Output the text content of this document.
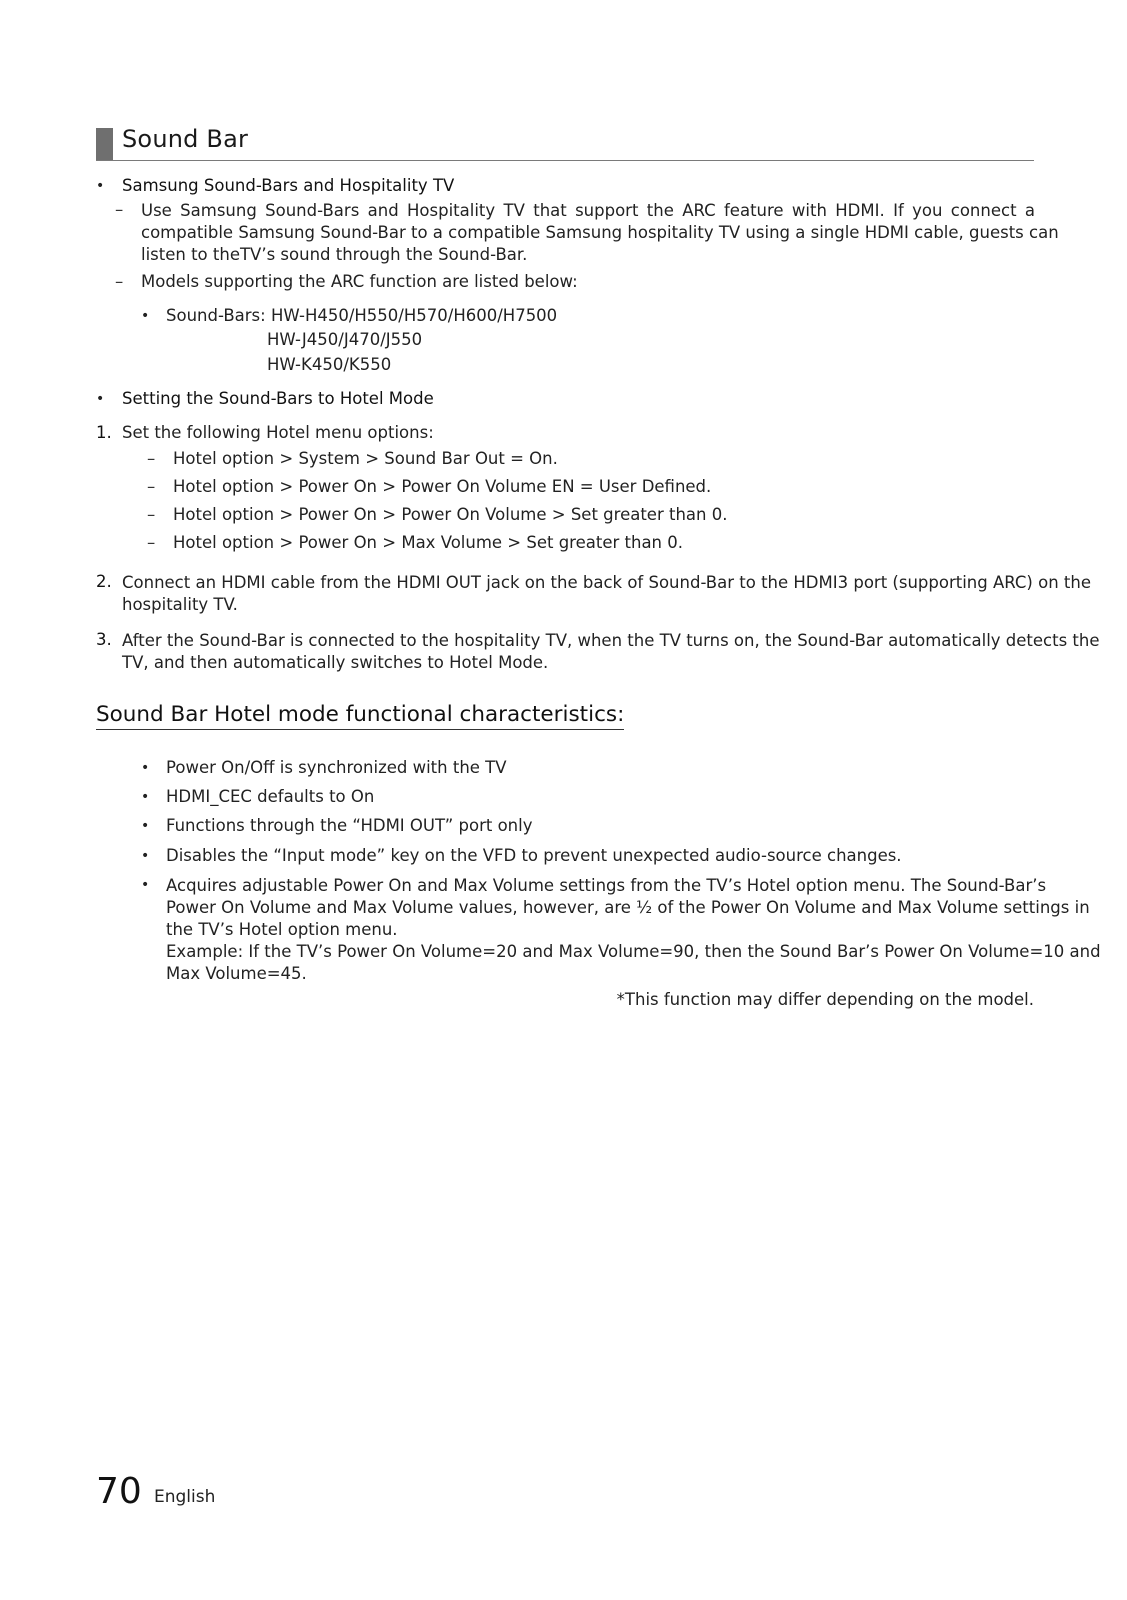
Sound Bar
• Samsung Sound-Bars and Hospitality TV
– Use Samsung Sound-Bars and Hospitality TV that support the ARC feature with HDMI. If you connect a
compatible Samsung Sound-Bar to a compatible Samsung hospitality TV using a single HDMI cable, guests can
listen to theTV’s sound through the Sound-Bar.
– Models supporting the ARC function are listed below:
• Sound-Bars: HW-H450/H550/H570/H600/H7500
HW-J450/J470/J550
HW-K450/K550
• Setting the Sound-Bars to Hotel Mode
1. Set the following Hotel menu options:
– Hotel option > System > Sound Bar Out = On.
– Hotel option > Power On > Power On Volume EN = User Defined.
– Hotel option > Power On > Power On Volume > Set greater than 0.
– Hotel option > Power On > Max Volume > Set greater than 0.
2. Connect an HDMI cable from the HDMI OUT jack on the back of Sound-Bar to the HDMI3 port (supporting ARC) on the
hospitality TV.
3. After the Sound-Bar is connected to the hospitality TV, when the TV turns on, the Sound-Bar automatically detects the
TV, and then automatically switches to Hotel Mode.
Sound Bar Hotel mode functional characteristics:
• Power On/Off is synchronized with the TV
• HDMI_CEC defaults to On
• Functions through the “HDMI OUT” port only
• Disables the “Input mode” key on the VFD to prevent unexpected audio-source changes.
• Acquires adjustable Power On and Max Volume settings from the TV’s Hotel option menu. The Sound-Bar’s
Power On Volume and Max Volume values, however, are ½ of the Power On Volume and Max Volume settings in
the TV’s Hotel option menu.
Example: If the TV’s Power On Volume=20 and Max Volume=90, then the Sound Bar’s Power On Volume=10 and
Max Volume=45.
*This function may differ depending on the model.
70 English
